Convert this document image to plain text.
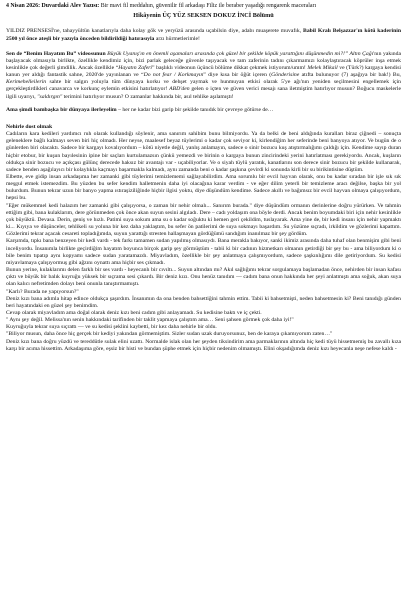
4 Nisan 2026: Duvardaki Alev Yazısı: Bir mavi fil meddahın, güvenilir fil arkadaşı Filiz ile beraber yaşadığı rengarenk maceraları

Hikâyenin ÜÇ YÜZ SEKSEN DOKUZ İNCİ Bölümü

YILDIZ PRENSESİ'ne, tahayyültün kanatlarıyla daha kolay gök ve yeryüzü arasında uçabilsin diye, adabı muaşerete muvafık, Babil Kralı Belşazzar'ın kötü kaderinin 2500 yıl önce ateşli bir yazıyla önceden bildirildiği hatırasıyla arzı hürmetlerimle!

Sen de “Benim Hayatım Bu” videosunun Büyük Uyanış'ın en önemli aşamaları arasında çok güzel bir şekilde köpük yarattığını düşünmedin mi?!” Altın Çağı'nın yakında başlayacak olmasıyla birlikte, özellikle kendimiz için, bizi parlak geleceğe güvenle taşıyacak ve tam zaferinin tadını çıkarmamızı kolaylaştıracak köprüler inşa etmek kesinlikle çok değerli şimdilik. Ancak özellikle “Hayatın Zaferi” başlıklı videonun üçüncü bölüme dikkat çekmek istiyorum/umm! Melek Mikail ve (Türk?) kargaya kendisi kanun yer aldığı fantastik sahne, 2020'de yayınlanan ve “Do not fear / Korkmayın” diye kısa bir öğüt içeren (Gönderisine atıfta bulunuyor (7) aşağıya bir bak!) Bu, Kerimehelleilerin sahte bir salgın yoluyla tüm dünyaya korku ve dehşet yaymak ve hunmuyan etkisi olarak 5'ye ağı'nın yeniden seçilmesini engellemek için gerçekleştirdikleri canavarca ve korkunç eylemin etkisini hatırlatıyor! ABD'den gelen o içten ve güven verici mesajı sana iletmiştim hatırlıyor musun? Boğucu maskelerle ilgili uyarıyı, "saldırgın" terimini hatırlıyor musun? O zamanlar hakkında bir, asıl tehlike aşılamıştı!

Ama şimdi bambaşka bir dünyaya ilerleyelim – her ne kadar bizi garip bir şekilde tanıdık bir çevreye götürse de…

Nehirle dost olmak

Cadıların kara kedileri yardımcı ruh olarak kullandığı söylenir, ama sanırım sahibim bunu bilmiyordu. Ya da belki de beni aldığında kuralları biraz çiğnedi – sonuçta geleneklere bağlı kalmayı seven biri hiç olmadı. Her neyse, maalesef beyaz tüylerimi o kadar çok seviyor ki, kirlendiğim her seferinde beni banyoya atıyor. Ve bugün de o günlerden biri olacaktı. Sadece bir kargayı kovalıyordum – kötü niyetle değil, yanlış anlamayın, sadece o sinir bozucu kuş atıştırmalığımı çaldığı için. Kendime sayıp duran hiçbir etobur, bir kuşun bayılesinin ipine bir saçları kurtulamazsın çünkü yemezdi ve birinin o kargaya bunun zincirindeki yerini hatırlatması gerekiyordu. Ancak, kuşların oldukça sinir bozucu ve açıkçası gülünç derecede haksız bir avantajı var - uçabiliyorlar. Ve o siyah tüylü yaratık, kanatlarını son derece sinir bozucu bir şekilde kullanarak, sadece benden aşağılayıcı bir kolaylıkla kaçmayı başarmakla kalmadı, aynı zamanda beni o kadar şaşkına çevirdi ki sonunda kirli bir su birikintisine düştüm.

Elbette, eve gidip insan arkadaşıma her zamanki gibi tüylerimi temizlememi sağlayabilirdim. Ama sorumlu bir evcil hayvan olarak, onu bu kadar sıradan bir işle sık sık meşgul etmek istemezdim. Bu yüzden bu sefer kendim halletmenin daha iyi olacağına karar verdim - ve eğer dilim yeterli bir temizleme aracı değilse, başka bir yol bulurdum. Bunun tekrar uzun bir banyo yapma ıstıraşiziliğinde hiçbir ilgisi yoktu, diye düşündüm kendime. Sadece akıllı ve bağımsız bir evcil hayvan olmaya çalışıyordum, hepsi bu.

"Eğer mükemmel kedi halazım her zamanki gibi çalışıyorsa, o zaman bir nehir olmalı... Sanırım burada." diye düşündüm ormanın derinlerine doğru yürürken. Ve tahmin ettiğim gibi, bana kulaklarım, dere görünmeden çok önce akan suyun sesini algıladı. Dere – cadı yoldaşım ona böyle derdi. Ancak benim boyumdaki biri için nehir kesinlikle çok büyüktü. Devasa. Derin, geniş ve hızlı. Patimi suya sokum ama su o kadar soğuktu ki hemen geri çekildim, tuslayarak. Ama yine de, bir kedi insanı için nehir yapmaktı ki... Kıyıya ve düşünceler, tehlikeli su yoluna bir kez daha yaklaştım, bu sefer ön patilerimi de suya sokmayı başardım. Su yüzüme sıçradı, irkildim ve gözlerimi kapattım. Gözlerimi tekrar açacak cesareti topladığımda, suyun yarattığı stresten hallaşmayan gördüğümü sandığım inanılmaz bir şey gördüm.

Karşımda, tıpkı bana benzeyen bir kedi vardı - tek farkı tamamen sudan yapılmış olmasıydı. Bana merakla bakıyor, sanki ikimiz arasında daha tuhaf olan benmişim gibi beni inceliyordu. İnsanımla birlikte geçirdiğim hayatım boyunca birçok garip şey görmüştüm - tabii ki bir cadının hizmetkarı olmanın getirdiği bir şey bu - ama biliyordum ki o bile benim tıpatıp aynı kopyamı sadece sudan yaratamazdı. Miyavladım, özellikle bir şey anlatmaya çalışmıyordum, sadece şaşkınlığımı dile getiriyordum. Su kedisi miyavlamaya çalışıyormuş gibi ağzını oynattı ama hiçbir ses çıkmadı.

Bunun yerine, kulaklarımı delen farklı bir ses vardı - heyecanlı bir cıvıltı... Suyun altından mı? Akıl sağlığımı tekrar sorgulamaya başlamadan önce, nehirden bir insan kafası çıktı ve büyük bir balık kuyruğu yüksek bir sıçrama sesi çıkardı. Bir deniz kızı. Onu henüz tanıdım — cadım bana onun hakkında her şeyi anlatmıştı ama soğuk, akan suya olan kalıcı nefretimden dolayı beni onunla tanıştırmamıştı.

"Karlı? Burada ne yapıyorsun?"

Deniz kızı bana adımla hitap edince oldukça şaşırdım. İnsanımın da ona benden bahsettiğini tahmin ettim. Tabii ki bahsetmişti, neden bahsetmesin ki? Beni tanıdığı günden beri hayatındaki en güzel şey benimdim.

Cevap olarak miyavladım ama doğal olarak deniz kızı beni cadım gibi anlayamadı. Su kedisine baktı ve iç çekti.

" Aynı şey değil. Melissa'nın senin hakkındaki tarifinden bir taklit yapmaya çalıştım ama… Seni şahsen görmek çok daha iyi!"

Kuyruğuyla tekrar suya sıçrattı — ve su kedisi şeklini kaybetti, bir kez daha nehirle bir oldu.

"Biliyor musun, daha önce hiç gerçek bir kediyi yakından görmemiştim. Sizler sudan uzak duruyorsunuz, ben de karaya çıkamıyorum zaten…"

Deniz kızı bana doğru yüzdü ve tereddütle sulak elini uzattı. Normalde islak olan her şeyden tiksindirim ama parmaklarının altında hiç kedi tüyü hissetmemiş bu zavallı kıza karşı bir acıma hissettim. Arkadaşıma göre, eşsiz bir histi ve bundan şüphe etmek için hiçbir nedenim olmamıştı. Elini okşadığımda deniz kızı heyecanla neşe nefese kaldı -
